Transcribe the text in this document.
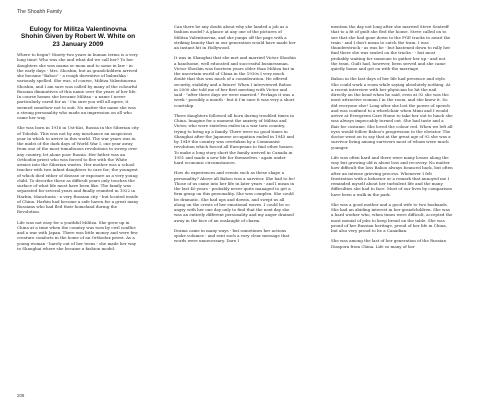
The Shoahh Family
Eulogy for Militza Valentinovna
Shohin Given by Robert W. White on
23 January 2009

Where to begin? Ninety-two years in human terms is a very long time! Who was she and what did we call her? To her daughters she was mama or mom and to some in law - in the early days - Mrs. Shoshin, but as grandchildren arrived she became "Baboo" - a rough derivative of babushka - variously spelled. She was, of course, Militza Valentinovna Shoshin, and I am sure was called by many of the colourful Russian diminutives of this name over the years of her life. In course homes she became Militza - a name I never particularly cared for as - I'm sure you will all agree, it seemed somehow not to suit. No matter the name she was a strong personality who made an impression on all who came her way.

She was born in 1916 in Ust-Kut, Russia in the Siberian city of Tobolsk. This was not by any mischance an auspicious year in which to arrive in this world. The war years was in the midst of the dark days of World War I, one year away from one of the most tumultuous revolutions to sweep over any country, let alone poor Russia. Her father was an Orthodox priest who was forced to flee with the White armies into the Siberian wastes. Her mother was a school teacher with two infant daughters to care for; the youngest of which died either of disease or exposure as a very young child. To describe these as difficult years only touches the surface of what life must have been like. The family was separated for several years and finally reunited in 1922 in Harbin, Manchuria - a very Russian city - but located inside of China. Harbin had become a safe haven for a great many Russians who had fled their homeland during the Revolution.

Life was not easy for a youthful Militza. She grew up in China at a time when the country was torn by civil conflict and a war with Japan. There was little money and were few creature comforts in the home of an Orthodox priest. As a young woman - barely out of her teens - she made her way to Shanghai where she became a fashion model.

Can there be any doubt about why she landed a job as a fashion model? A glance at any one of the pictures of Militza Valentinovna, and she jumps off the page with a striking beauty that in our generation would have made her an instant hit in Hollywood.

It was in Shanghai that she met and married Victor Shoshin a handsome, well educated and successful businessman. Victor Shoshin was fourteen years older than Militza but in the uncertain world of China in the 1930s I very much doubt that this was much of a consideration. He offered security, stability and a future! When I interviewed Baboo in 2000 she told me of her first meeting with Victor and said - "after three days we were married." Perhaps it was a week - possibly a month - but it I'm sure it was very a short courtship.

Three daughters followed all born during troubled times in China. Imagine for a moment the anxiety of Militza and Victor, who were stateless exiles in a war torn country, trying to bring up a family. There were no good times in Shanghai after the Japanese occupation ended in 1945 and by 1949 the country was overtaken by a Communist revolution which forced all Europeans to find other homes. To make a long story short the family arrived in Canada in 1951 and made a new life for themselves - again under hard economic circumstances.

How do experiences and events such as these shape a personality? Above all Baboo was a survivor. She had to be! Those of us came into her life in later years - and I mean in the last 40 years - probably never quite managed to get a firm grasp on this personality. She was complex. She could be dramatic. She had ups and downs, and swept us all along on the crests of her emotional waves. I could be so angry with her one day only to find that the next day she was an entirely different personality and my anger drained away in the face of an onslaught of charm.

Drama came in many ways - but sometimes her actions spoke volumes - and sent such a very clear message that words were unnecessary. Dare I

mention the day not long after she married Steve Seatreff that to a fit of guilt she fled the house. Steve called on to see that she had gone down to the PGE tracks to await the train - and I don't mean to catch the train. I was thunderstruck - as was he - but hastened down to rally her find there she was seated on the tracks - - but most probably waiting for someone to gather her up - and not the train. Guilt had, however, been served and she came quietly home and got on with the marriage.

Baboo in the last days of her life had presence and style. She could work a room while saying absolutely nothing. At a recent interview with her physician he hit the nail directly on the head when he said, even at 92 she was the most attractive woman I in the room, and she knew it. So did everyone else! Long after she lost the power of speech and was confined to a wheelchair when Mimi and I would arrive at Evergreen Care Home to take her out to lunch she was always impeccably turned out. She had taste and a flair for costume. She loved the colour red. When we left all eyes would follow Baboo's progression to the elevator. The doctor went on to say that at the great age of 92 she was a survivor living among survivors most of whom were much younger.

Life was often hard and there were many losses along the way but growing old is about loss and recovery. No matter how difficult the loss Baboo always bounced back, but often after an intense grieving process. Whenever I felt frustration with a behavior or a remark that annoyed me I reminded myself about her turbulent life and the many difficulties she had to face. Most of our lives by comparison have been a walk in the park.

She was a good mother and a good wife to two husbands. She had an abiding interest in her grandchildren. She was a hard worker who, when times were difficult, accepted the most menial of jobs to keep bread on the table. She was proud of her Russian heritage, proud of her life in China, but also very proud to be a Canadian.

She was among the last of her generation of the Russian Diaspora from China. Life so many of her

208
